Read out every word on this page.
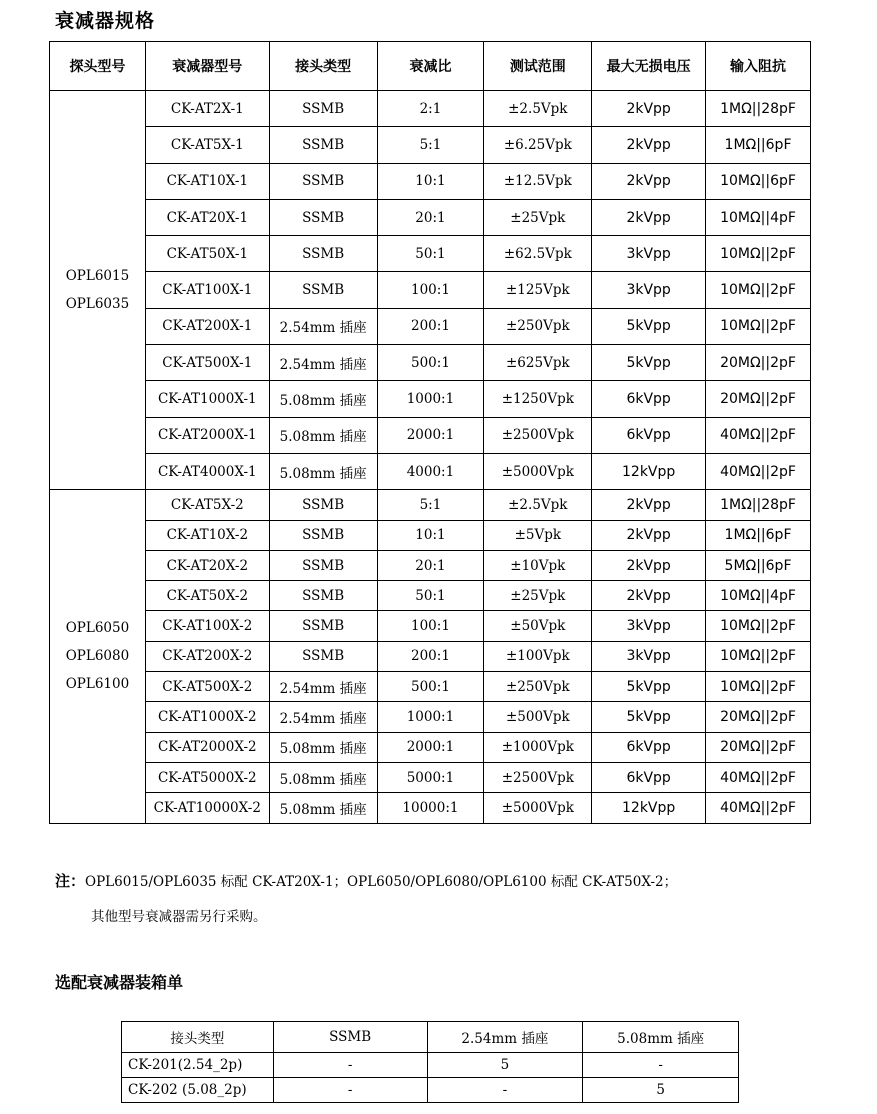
衰减器规格
探头型号	衰减器型号	接头类型	衰减比	测试范围	最大无损电压	输入阻抗

OPL6015
OPL6035	CK-AT2X-1	SSMB	2:1	±2.5Vpk	2kVpp	1MΩ||28pF
	CK-AT5X-1	SSMB	5:1	±6.25Vpk	2kVpp	1MΩ||6pF
	CK-AT10X-1	SSMB	10:1	±12.5Vpk	2kVpp	10MΩ||6pF
	CK-AT20X-1	SSMB	20:1	±25Vpk	2kVpp	10MΩ||4pF
	CK-AT50X-1	SSMB	50:1	±62.5Vpk	3kVpp	10MΩ||2pF
	CK-AT100X-1	SSMB	100:1	±125Vpk	3kVpp	10MΩ||2pF
	CK-AT200X-1	2.54mm 插座	200:1	±250Vpk	5kVpp	10MΩ||2pF
	CK-AT500X-1	2.54mm 插座	500:1	±625Vpk	5kVpp	20MΩ||2pF
	CK-AT1000X-1	5.08mm 插座	1000:1	±1250Vpk	6kVpp	20MΩ||2pF
	CK-AT2000X-1	5.08mm 插座	2000:1	±2500Vpk	6kVpp	40MΩ||2pF
	CK-AT4000X-1	5.08mm 插座	4000:1	±5000Vpk	12kVpp	40MΩ||2pF

OPL6050
OPL6080
OPL6100	CK-AT5X-2	SSMB	5:1	±2.5Vpk	2kVpp	1MΩ||28pF
	CK-AT10X-2	SSMB	10:1	±5Vpk	2kVpp	1MΩ||6pF
	CK-AT20X-2	SSMB	20:1	±10Vpk	2kVpp	5MΩ||6pF
	CK-AT50X-2	SSMB	50:1	±25Vpk	2kVpp	10MΩ||4pF
	CK-AT100X-2	SSMB	100:1	±50Vpk	3kVpp	10MΩ||2pF
	CK-AT200X-2	SSMB	200:1	±100Vpk	3kVpp	10MΩ||2pF
	CK-AT500X-2	2.54mm 插座	500:1	±250Vpk	5kVpp	10MΩ||2pF
	CK-AT1000X-2	2.54mm 插座	1000:1	±500Vpk	5kVpp	20MΩ||2pF
	CK-AT2000X-2	5.08mm 插座	2000:1	±1000Vpk	6kVpp	20MΩ||2pF
	CK-AT5000X-2	5.08mm 插座	5000:1	±2500Vpk	6kVpp	40MΩ||2pF
	CK-AT10000X-2	5.08mm 插座	10000:1	±5000Vpk	12kVpp	40MΩ||2pF
注：OPL6015/OPL6035 标配 CK-AT20X-1；OPL6050/OPL6080/OPL6100 标配 CK-AT50X-2；
其他型号衰减器需另行采购。
选配衰减器装箱单
接头类型	SSMB	2.54mm 插座	5.08mm 插座
CK-201(2.54_2p)	-	5	-
CK-202 (5.08_2p)	-	-	5
